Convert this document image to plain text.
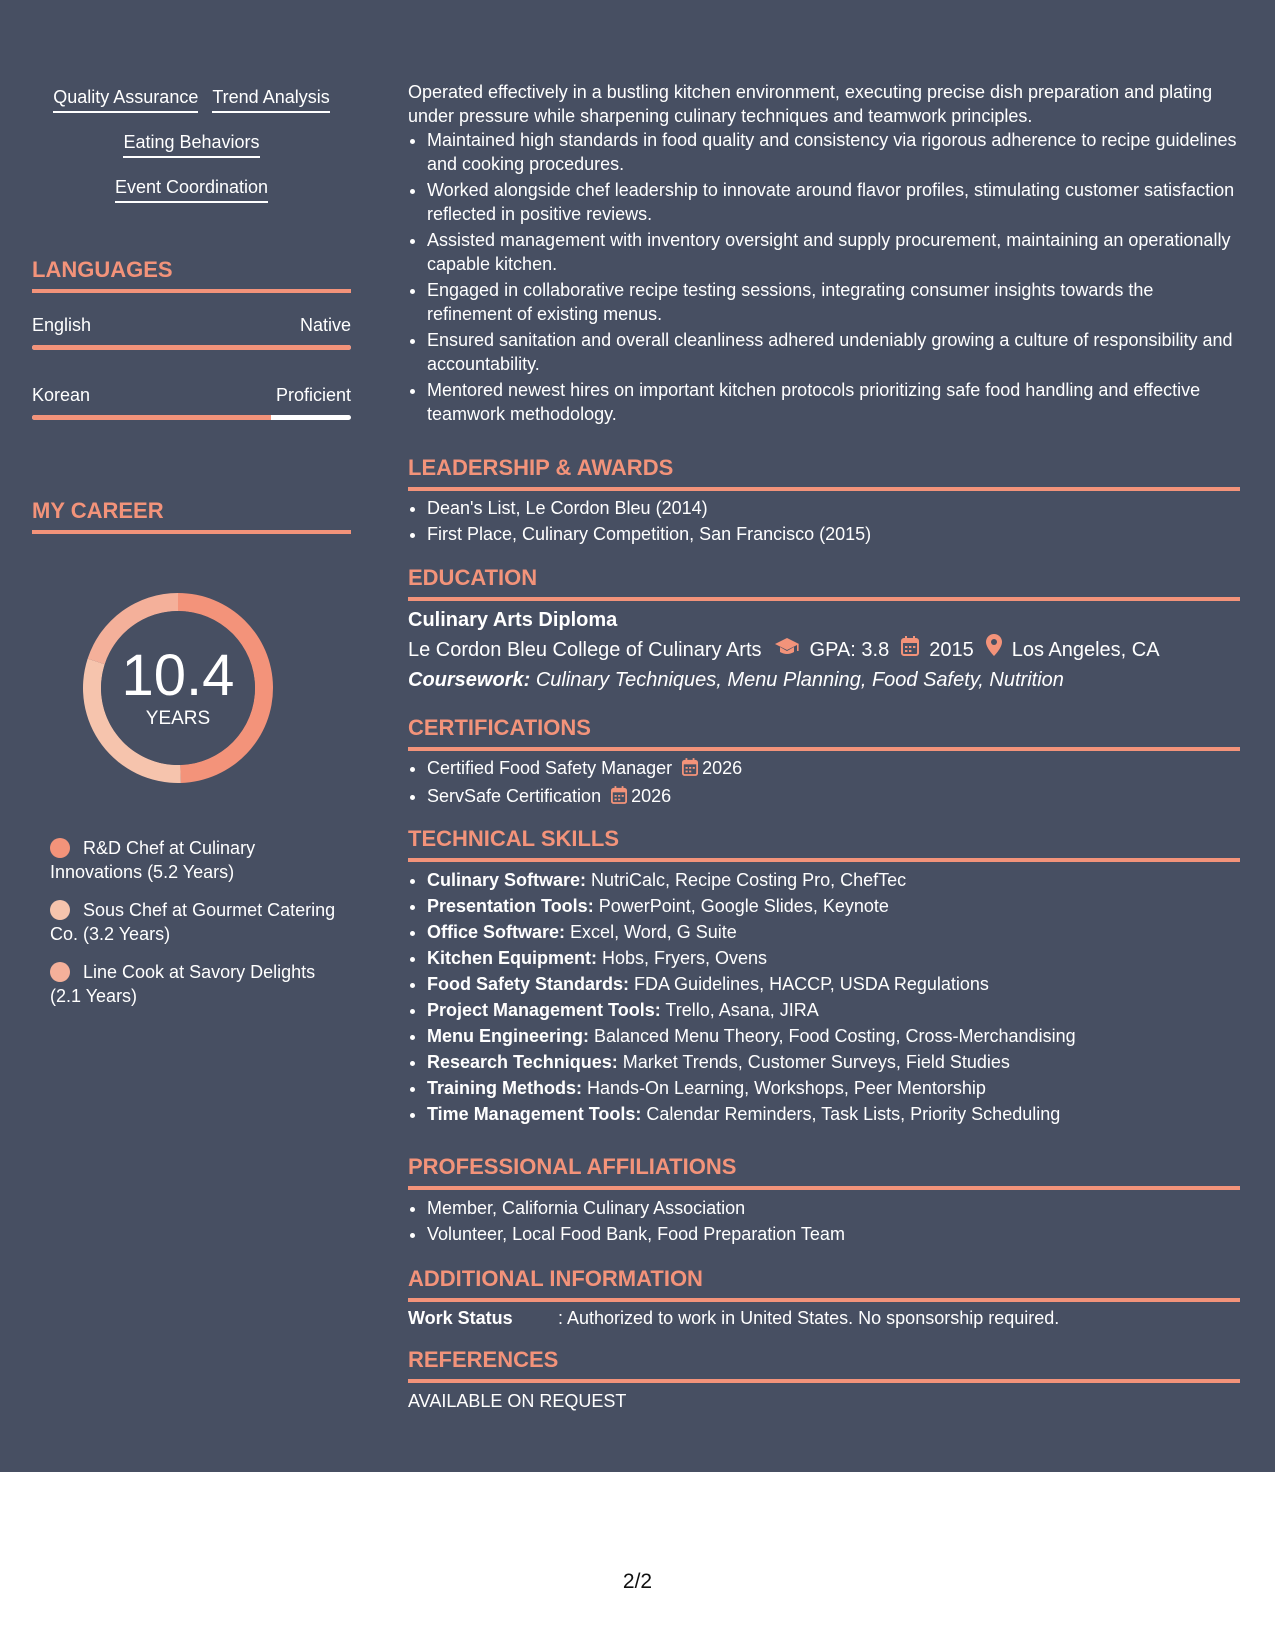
Quality Assurance Trend Analysis
Eating Behaviors
Event Coordination
LANGUAGES
English	Native
Korean	Proficient
MY CAREER
10.4
YEARS
R&D Chef at Culinary Innovations (5.2 Years)
Sous Chef at Gourmet Catering Co. (3.2 Years)
Line Cook at Savory Delights (2.1 Years)
Operated effectively in a bustling kitchen environment, executing precise dish preparation and plating under pressure while sharpening culinary techniques and teamwork principles.
• Maintained high standards in food quality and consistency via rigorous adherence to recipe guidelines and cooking procedures.
• Worked alongside chef leadership to innovate around flavor profiles, stimulating customer satisfaction reflected in positive reviews.
• Assisted management with inventory oversight and supply procurement, maintaining an operationally capable kitchen.
• Engaged in collaborative recipe testing sessions, integrating consumer insights towards the refinement of existing menus.
• Ensured sanitation and overall cleanliness adhered undeniably growing a culture of responsibility and accountability.
• Mentored newest hires on important kitchen protocols prioritizing safe food handling and effective teamwork methodology.
LEADERSHIP & AWARDS
• Dean's List, Le Cordon Bleu (2014)
• First Place, Culinary Competition, San Francisco (2015)
EDUCATION
Culinary Arts Diploma
Le Cordon Bleu College of Culinary Arts GPA: 3.8 2015 Los Angeles, CA
Coursework: Culinary Techniques, Menu Planning, Food Safety, Nutrition
CERTIFICATIONS
• Certified Food Safety Manager 2026
• ServSafe Certification 2026
TECHNICAL SKILLS
• Culinary Software: NutriCalc, Recipe Costing Pro, ChefTec
• Presentation Tools: PowerPoint, Google Slides, Keynote
• Office Software: Excel, Word, G Suite
• Kitchen Equipment: Hobs, Fryers, Ovens
• Food Safety Standards: FDA Guidelines, HACCP, USDA Regulations
• Project Management Tools: Trello, Asana, JIRA
• Menu Engineering: Balanced Menu Theory, Food Costing, Cross-Merchandising
• Research Techniques: Market Trends, Customer Surveys, Field Studies
• Training Methods: Hands-On Learning, Workshops, Peer Mentorship
• Time Management Tools: Calendar Reminders, Task Lists, Priority Scheduling
PROFESSIONAL AFFILIATIONS
• Member, California Culinary Association
• Volunteer, Local Food Bank, Food Preparation Team
ADDITIONAL INFORMATION
Work Status	: Authorized to work in United States. No sponsorship required.
REFERENCES
AVAILABLE ON REQUEST
2/2
